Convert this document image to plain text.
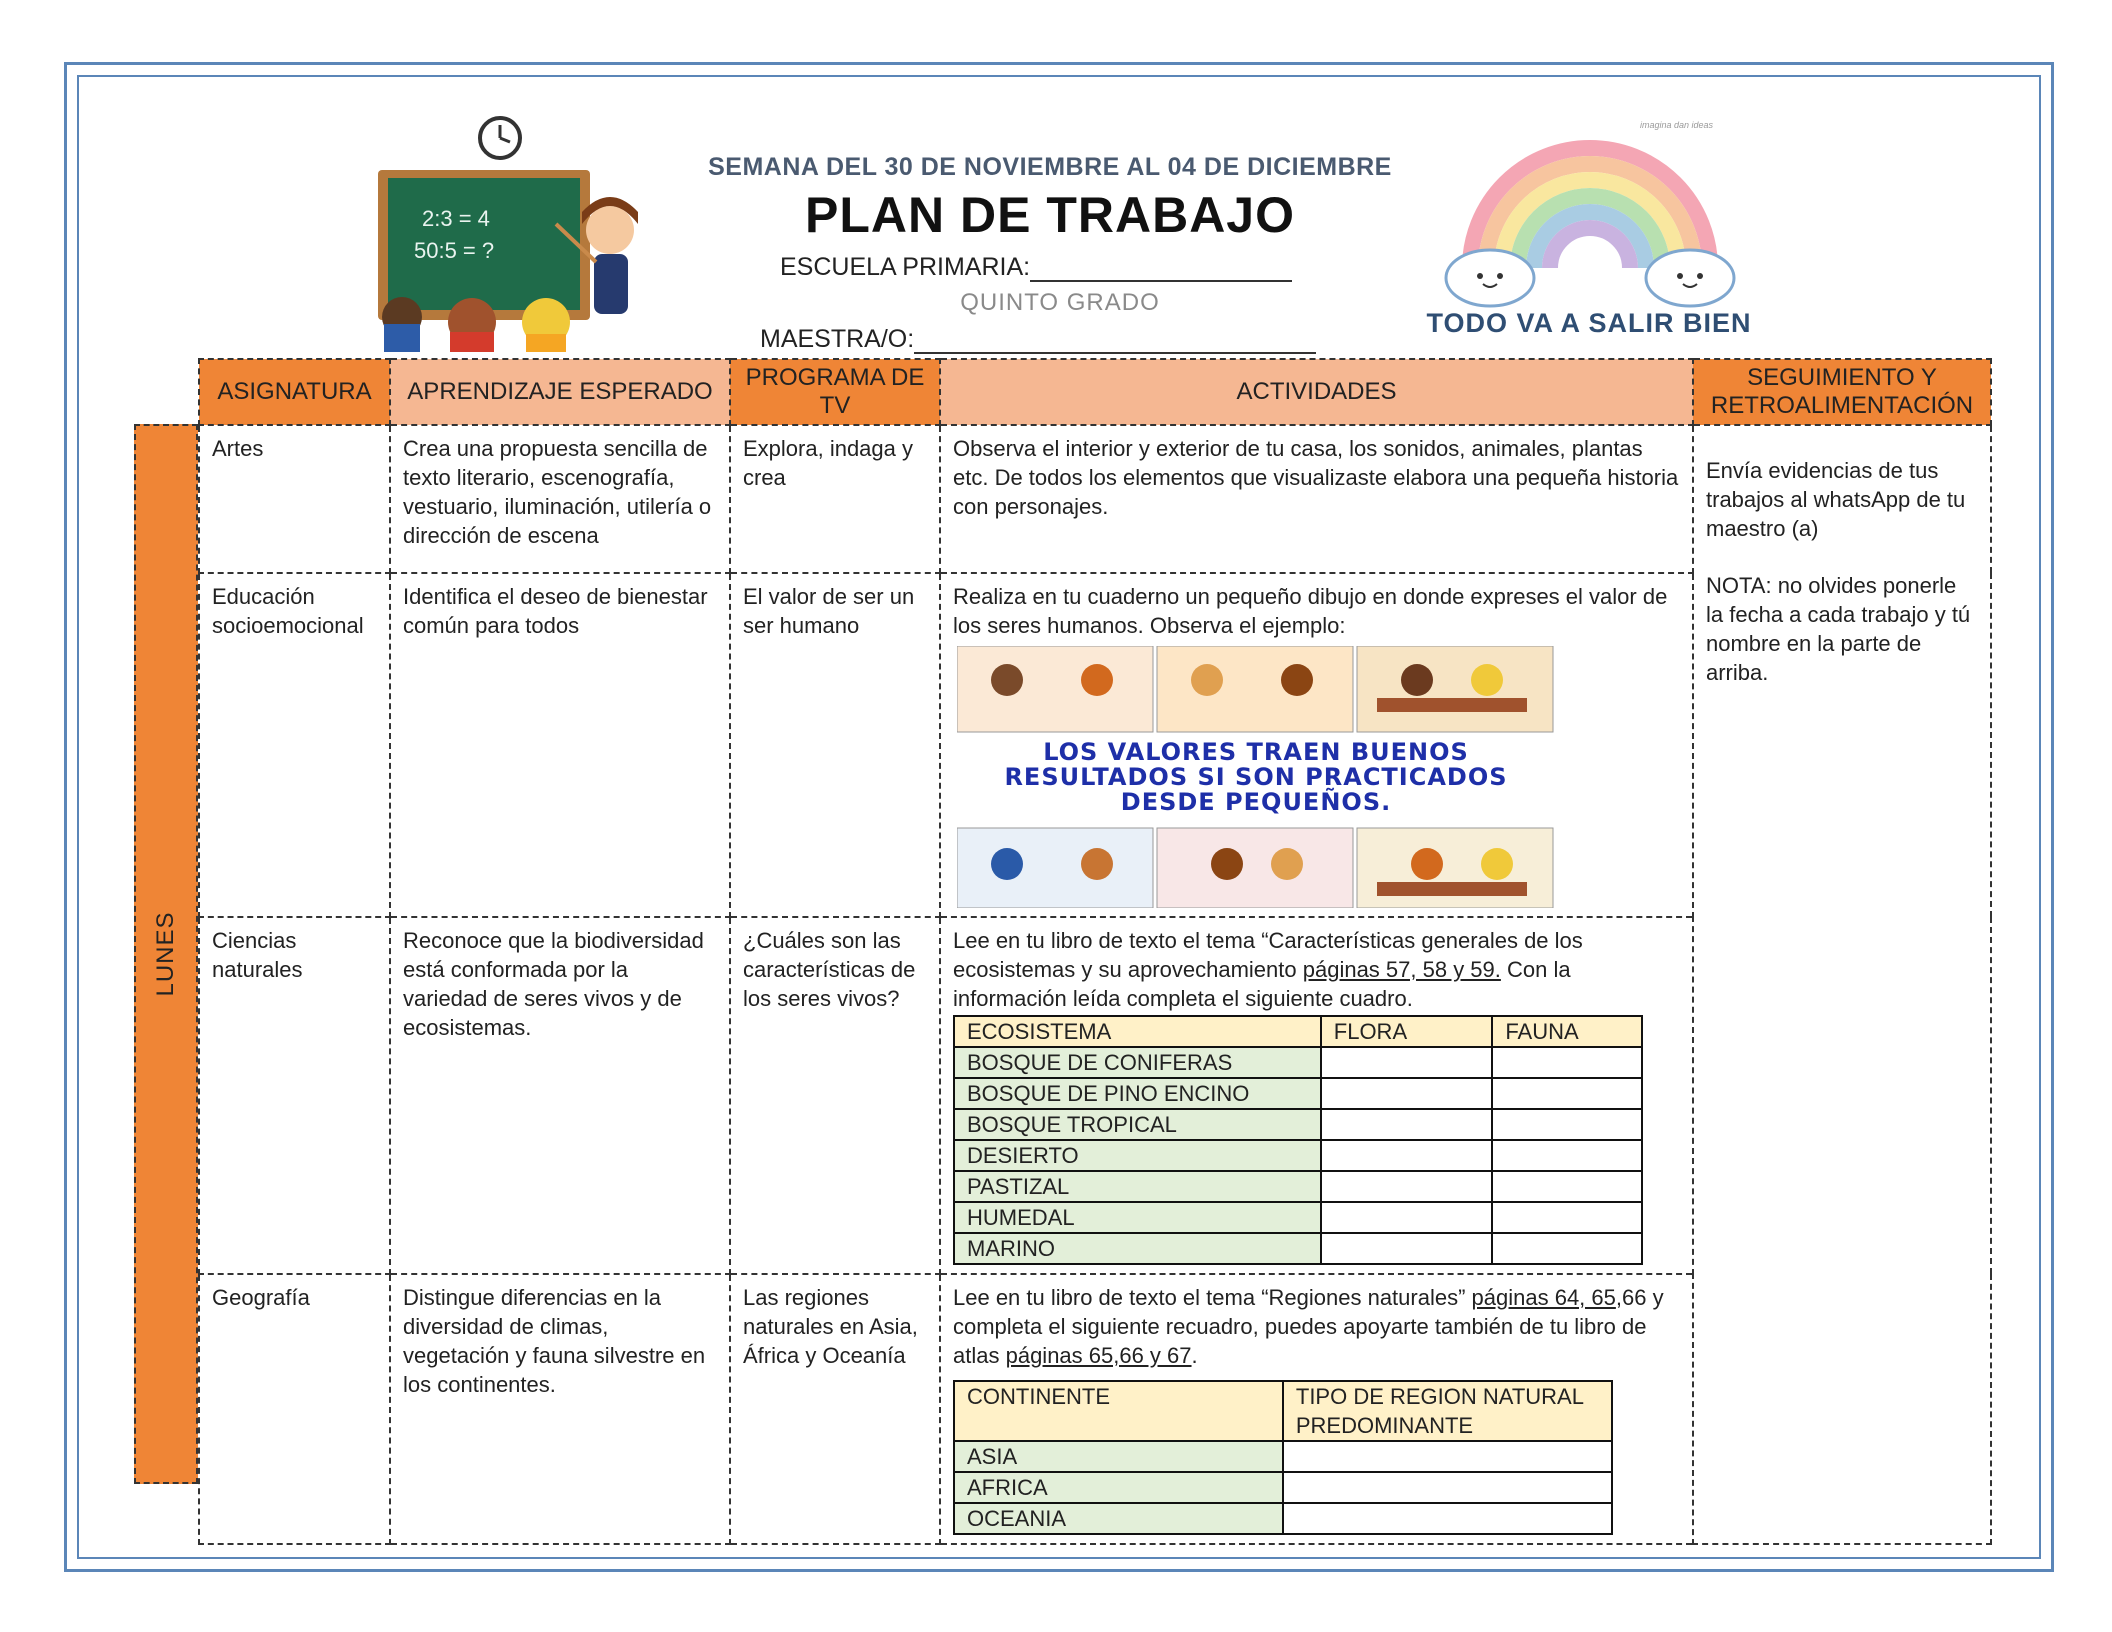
2:3 = 4
50:5 = ?
SEMANA DEL 30 DE NOVIEMBRE AL 04 DE DICIEMBRE
PLAN DE TRABAJO
ESCUELA PRIMARIA:
QUINTO GRADO
MAESTRA/O:
TODO VA A SALIR BIEN
imagina dan ideas
LUNES
ASIGNATURA	APRENDIZAJE ESPERADO	PROGRAMA DE TV	ACTIVIDADES	SEGUIMIENTO Y RETROALIMENTACIÓN
Artes	Crea una propuesta sencilla de texto literario, escenografía, vestuario, iluminación, utilería o dirección de escena	Explora, indaga y crea	Observa el interior y exterior de tu casa, los sonidos, animales, plantas etc. De todos los elementos que visualizaste elabora una pequeña historia con personajes.	
Envía evidencias de tus trabajos al whatsApp de tu maestro (a)
NOTA: no olvides ponerle la fecha a cada trabajo y tú nombre en la parte de arriba.

Educación socioemocional	Identifica el deseo de bienestar común para todos	El valor de ser un ser humano	
Realiza en tu cuaderno un pequeño dibujo en donde expreses el valor de los seres humanos. Observa el ejemplo:
LOS VALORES TRAEN BUENOS RESULTADOS SI SON PRACTICADOS DESDE PEQUEÑOS.

Ciencias naturales	Reconoce que la biodiversidad está conformada por la variedad de seres vivos y de ecosistemas.	¿Cuáles son las características de los seres vivos?	
Lee en tu libro de texto el tema “Características generales de los ecosistemas y su aprovechamiento páginas 57, 58 y 59. Con la información leída completa el siguiente cuadro.
ECOSISTEMA	FLORA	FAUNA
BOSQUE DE CONIFERAS		
BOSQUE DE PINO ENCINO		
BOSQUE TROPICAL		
DESIERTO		
PASTIZAL		
HUMEDAL		
MARINO		

Geografía	Distingue diferencias en la diversidad de climas, vegetación y fauna silvestre en los continentes.	Las regiones naturales en Asia, África y Oceanía	
Lee en tu libro de texto el tema “Regiones naturales” páginas 64, 65,66 y completa el siguiente recuadro, puedes apoyarte también de tu libro de atlas páginas 65,66 y 67.
CONTINENTE	TIPO DE REGION NATURAL PREDOMINANTE
ASIA	
AFRICA	
OCEANIA	
